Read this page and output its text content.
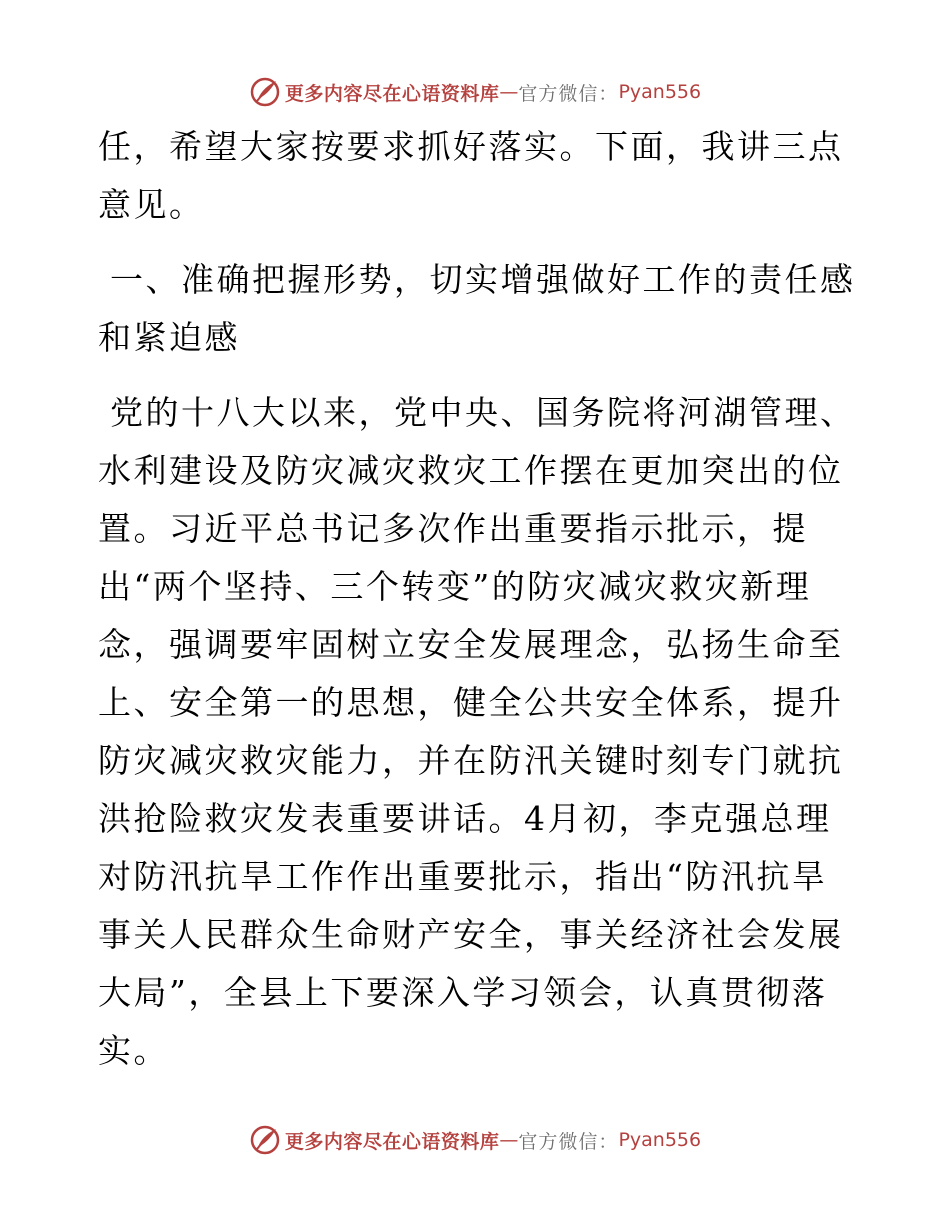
更多内容尽在心语资料库 — 官方微信： Pyan556

任，希望大家按要求抓好落实。下面，我讲三点意见。

一、准确把握形势，切实增强做好工作的责任感和紧迫感

党的十八大以来，党中央、国务院将河湖管理、水利建设及防灾减灾救灾工作摆在更加突出的位置。习近平总书记多次作出重要指示批示，提出“两个坚持、三个转变”的防灾减灾救灾新理念，强调要牢固树立安全发展理念，弘扬生命至上、安全第一的思想，健全公共安全体系，提升防灾减灾救灾能力，并在防汛关键时刻专门就抗洪抢险救灾发表重要讲话。4月初，李克强总理对防汛抗旱工作作出重要批示，指出“防汛抗旱事关人民群众生命财产安全，事关经济社会发展大局”，全县上下要深入学习领会，认真贯彻落实。

更多内容尽在心语资料库 — 官方微信： Pyan556
